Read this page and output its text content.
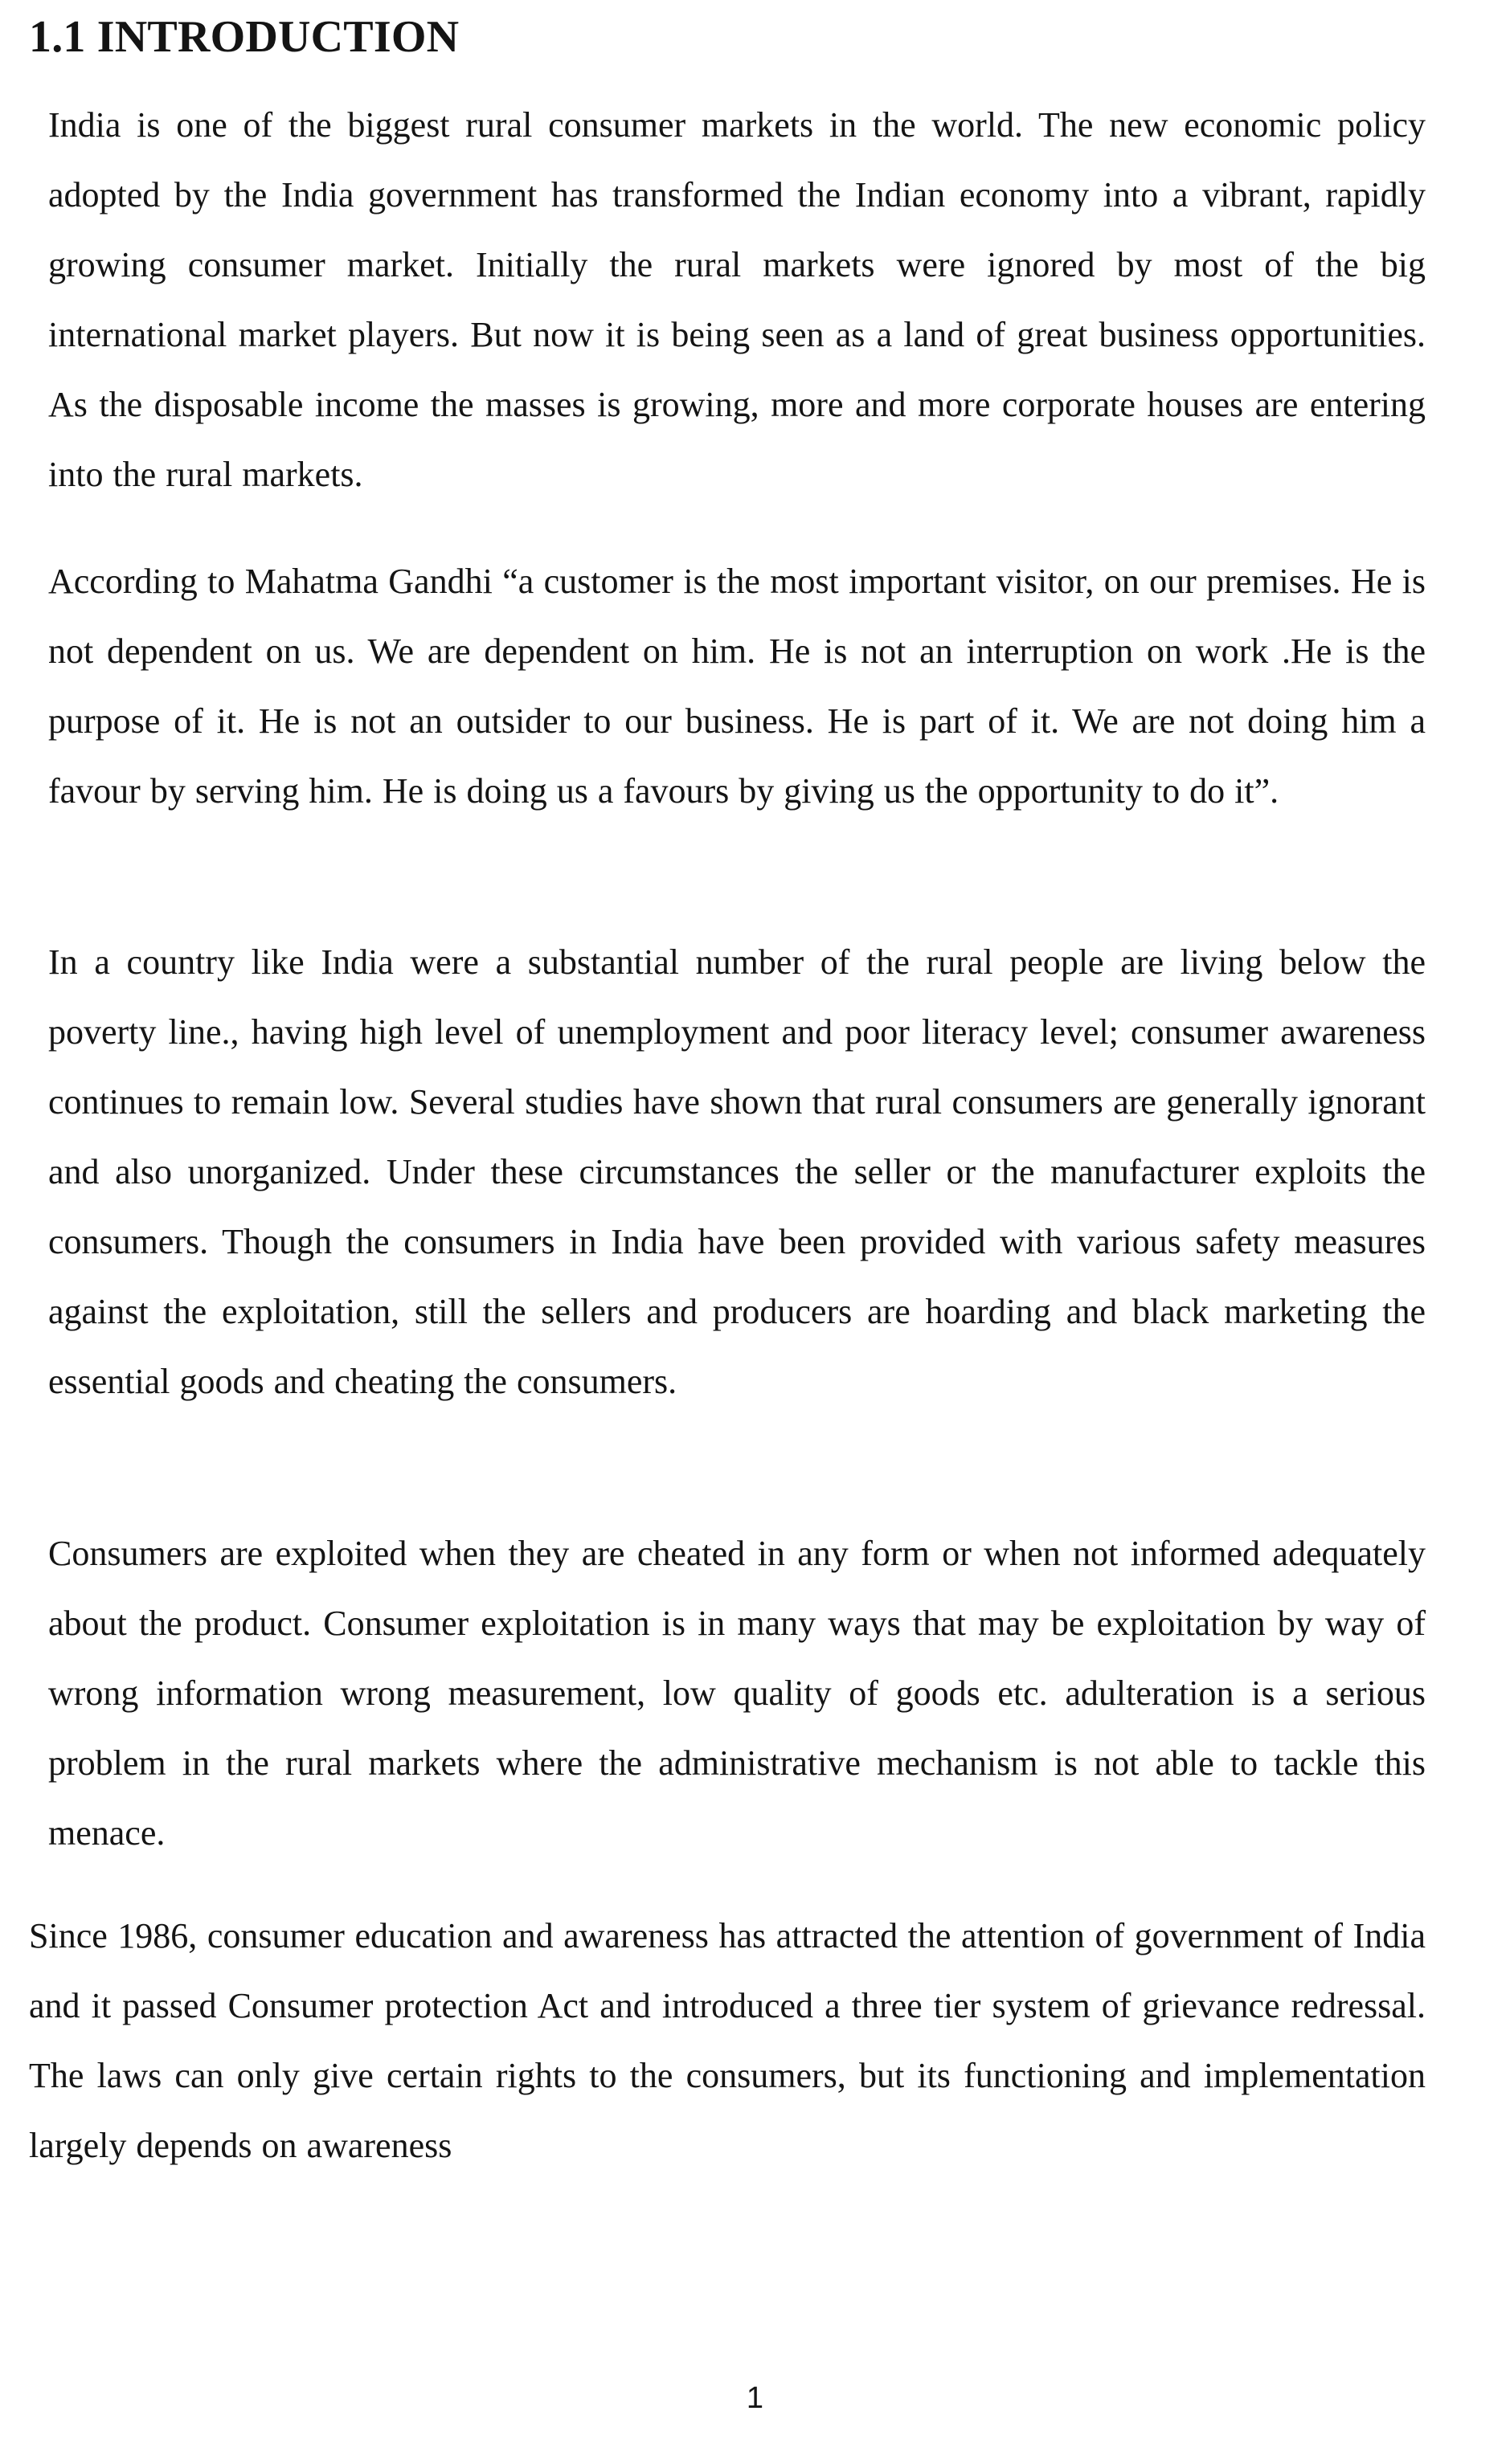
1.1 INTRODUCTION

India is one of the biggest rural consumer markets in the world. The new economic policy adopted by the India government has transformed the Indian economy into a vibrant, rapidly growing consumer market. Initially the rural markets were ignored by most of the big international market players. But now it is being seen as a land of great business opportunities. As the disposable income the masses is growing, more and more corporate houses are entering into the rural markets.

According to Mahatma Gandhi “a customer is the most important visitor, on our premises. He is not dependent on us. We are dependent on him. He is not an interruption on work .He is the purpose of it. He is not an outsider to our business. He is part of it. We are not doing him a favour by serving him. He is doing us a favours by giving us the opportunity to do it”.

In a country like India were a substantial number of the rural people are living below the poverty line., having high level of unemployment and poor literacy level; consumer awareness continues to remain low. Several studies have shown that rural consumers are generally ignorant and also unorganized. Under these circumstances the seller or the manufacturer exploits the consumers. Though the consumers in India have been provided with various safety measures against the exploitation, still the sellers and producers are hoarding and black marketing the essential goods and cheating the consumers.

Consumers are exploited when they are cheated in any form or when not informed adequately about the product. Consumer exploitation is in many ways that may be exploitation by way of wrong information wrong measurement, low quality of goods etc. adulteration is a serious problem in the rural markets where the administrative mechanism is not able to tackle this menace.

Since 1986, consumer education and awareness has attracted the attention of government of India and it passed Consumer protection Act and introduced a three tier system of grievance redressal. The laws can only give certain rights to the consumers, but its functioning and implementation largely depends on awareness

1
